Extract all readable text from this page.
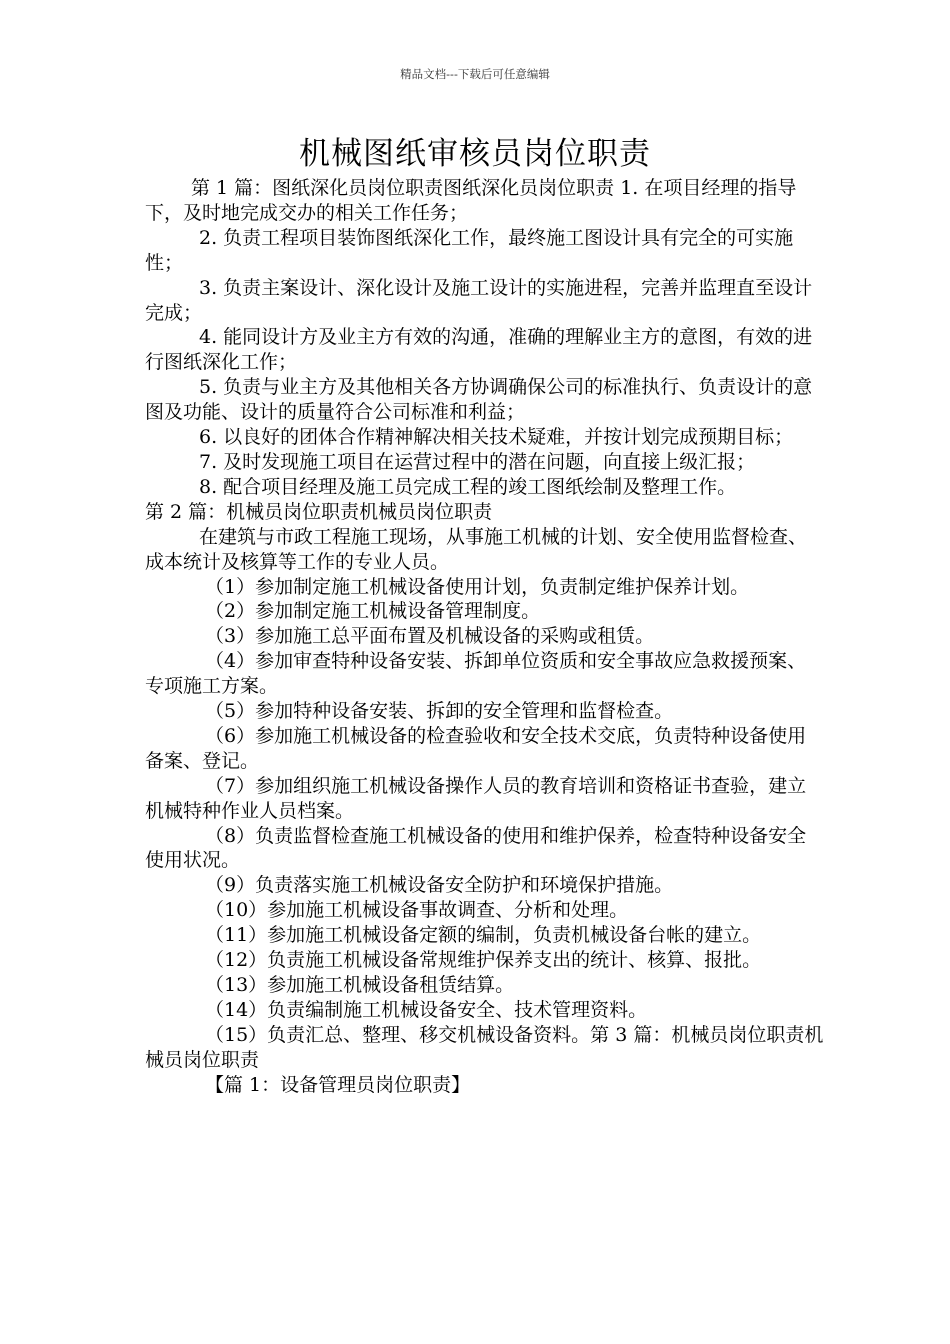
精品文档---下载后可任意编辑
机械图纸审核员岗位职责

第 1 篇：图纸深化员岗位职责图纸深化员岗位职责 1. 在项目经理的指导下，及时地完成交办的相关工作任务；

2. 负责工程项目装饰图纸深化工作，最终施工图设计具有完全的可实施性；

3. 负责主案设计、深化设计及施工设计的实施进程，完善并监理直至设计完成；

4. 能同设计方及业主方有效的沟通，准确的理解业主方的意图，有效的进行图纸深化工作；

5. 负责与业主方及其他相关各方协调确保公司的标准执行、负责设计的意图及功能、设计的质量符合公司标准和利益；

6. 以良好的团体合作精神解决相关技术疑难，并按计划完成预期目标；

7. 及时发现施工项目在运营过程中的潜在问题，向直接上级汇报；

8. 配合项目经理及施工员完成工程的竣工图纸绘制及整理工作。

第 2 篇：机械员岗位职责机械员岗位职责

在建筑与市政工程施工现场，从事施工机械的计划、安全使用监督检查、成本统计及核算等工作的专业人员。

（1）参加制定施工机械设备使用计划，负责制定维护保养计划。

（2）参加制定施工机械设备管理制度。

（3）参加施工总平面布置及机械设备的采购或租赁。

（4）参加审查特种设备安装、拆卸单位资质和安全事故应急救援预案、专项施工方案。

（5）参加特种设备安装、拆卸的安全管理和监督检查。

（6）参加施工机械设备的检查验收和安全技术交底，负责特种设备使用备案、登记。

（7）参加组织施工机械设备操作人员的教育培训和资格证书查验，建立机械特种作业人员档案。

（8）负责监督检查施工机械设备的使用和维护保养，检查特种设备安全使用状况。

（9）负责落实施工机械设备安全防护和环境保护措施。

（10）参加施工机械设备事故调查、分析和处理。

（11）参加施工机械设备定额的编制，负责机械设备台帐的建立。

（12）负责施工机械设备常规维护保养支出的统计、核算、报批。

（13）参加施工机械设备租赁结算。

（14）负责编制施工机械设备安全、技术管理资料。

（15）负责汇总、整理、移交机械设备资料。第 3 篇：机械员岗位职责机械员岗位职责

【篇 1：设备管理员岗位职责】
